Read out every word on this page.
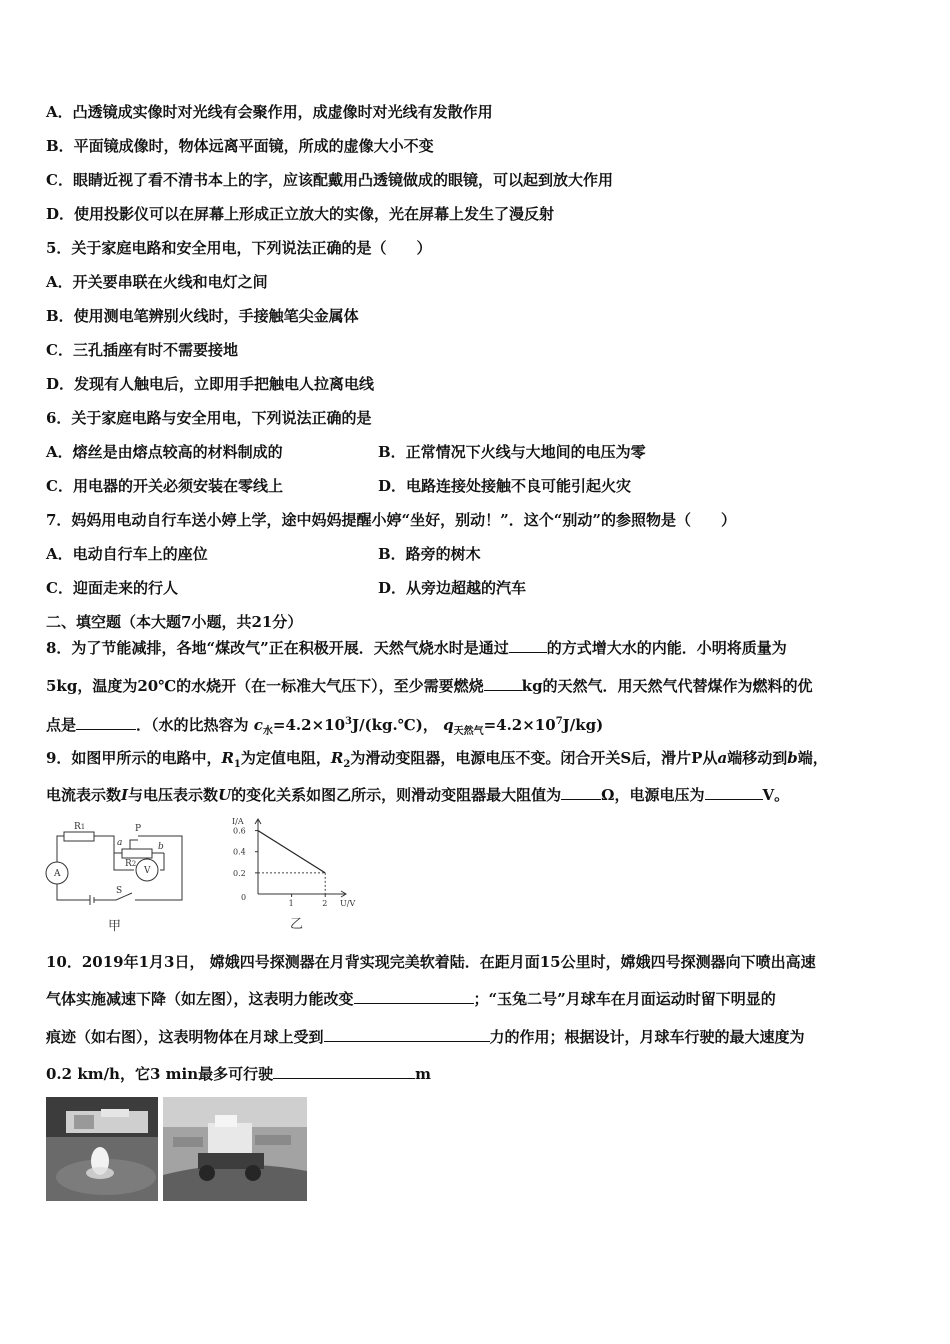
A．凸透镜成实像时对光线有会聚作用，成虚像时对光线有发散作用
B．平面镜成像时，物体远离平面镜，所成的虚像大小不变
C．眼睛近视了看不清书本上的字，应该配戴用凸透镜做成的眼镜，可以起到放大作用
D．使用投影仪可以在屏幕上形成正立放大的实像，光在屏幕上发生了漫反射
5．关于家庭电路和安全用电，下列说法正确的是（　　）
A．开关要串联在火线和电灯之间
B．使用测电笔辨别火线时，手接触笔尖金属体
C．三孔插座有时不需要接地
D．发现有人触电后，立即用手把触电人拉离电线
6．关于家庭电路与安全用电，下列说法正确的是
A．熔丝是由熔点较高的材料制成的	B．正常情况下火线与大地间的电压为零
C．用电器的开关必须安装在零线上	D．电路连接处接触不良可能引起火灾
7．妈妈用电动自行车送小婷上学，途中妈妈提醒小婷“坐好，别动！”．这个“别动”的参照物是（　　）
A．电动自行车上的座位	B．路旁的树木
C．迎面走来的行人	D．从旁边超越的汽车
二、填空题（本大题7小题，共21分）
8．为了节能减排，各地“煤改气”正在积极开展．天然气烧水时是通过	的方式增大水的内能．小明将质量为
5kg，温度为20℃的水烧开（在一标准大气压下），至少需要燃烧	kg的天然气．用天然气代替煤作为燃料的优
点是	．（水的比热容为 $c_水=4.2\times 10^3J/(kg.℃)$， $q_{天然气}=4.2\times 10^7J/kg$)
9．如图甲所示的电路中，$R_1$为定值电阻，$R_2$为滑动变阻器，电源电压不变。闭合开关S后，滑片P从a端移动到b端，
电流表示数I与电压表示数U的变化关系如图乙所示，则滑动变阻器最大阻值为	Ω，电源电压为	V。
R1	P
a	b
R2
A	V
S
甲
I/A
U/V
0
乙
0.6
0.4
0.2
1	2
10．2019年1月3日， 嫦娥四号探测器在月背实现完美软着陆．在距月面15公里时，嫦娥四号探测器向下喷出高速
气体实施减速下降（如左图），这表明力能改变	；“玉兔二号”月球车在月面运动时留下明显的
痕迹（如右图），这表明物体在月球上受到	力的作用；根据设计，月球车行驶的最大速度为
0.2 km/h，它3 min最多可行驶	m
